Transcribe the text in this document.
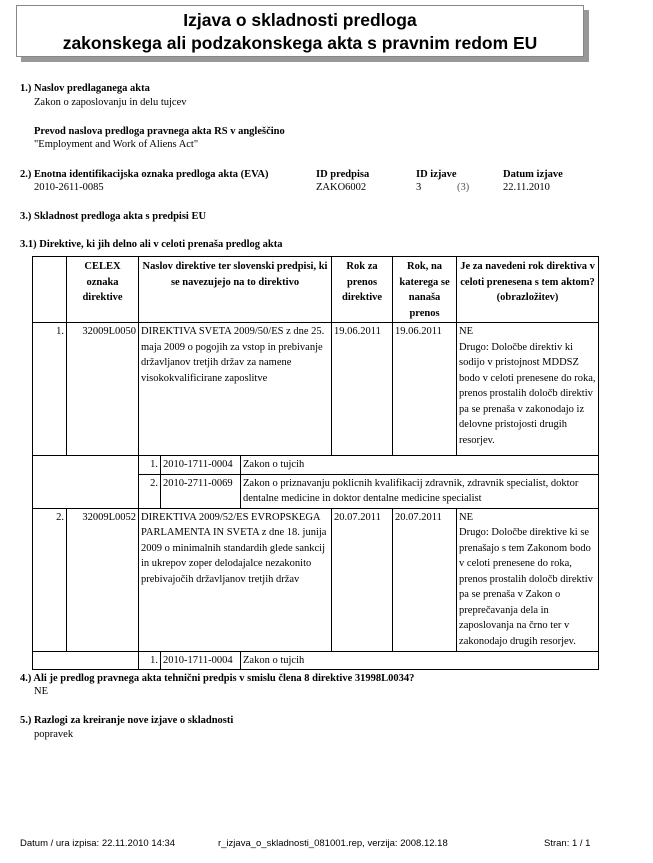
Izjava o skladnosti predloga
zakonskega ali podzakonskega akta s pravnim redom EU
1.) Naslov predlaganega akta
Zakon o zaposlovanju in delu tujcev
Prevod naslova predloga pravnega akta RS v angleščino
"Employment and Work of Aliens Act"
2.) Enotna identifikacijska oznaka predloga akta (EVA)
2010-2611-0085
ID predpisa
ZAKO6002
ID izjave
3	(3)
Datum izjave
22.11.2010
3.) Skladnost predloga akta s predpisi EU
3.1) Direktive, ki jih delno ali v celoti prenaša predlog akta
	CELEX oznaka direktive	Naslov direktive ter slovenski predpisi, ki se navezujejo na to direktivo			Rok za prenos direktive	Rok, na katerega se nanaša prenos	Je za navedeni rok direktiva v celoti prenesena s tem aktom? (obrazložitev)
1.	32009L0050	DIREKTIVA SVETA 2009/50/ES z dne 25. maja 2009 o pogojih za vstop in prebivanje državljanov tretjih držav za namene visokokvalificirane zaposlitve			19.06.2011	19.06.2011	NE
Drugo: Določbe direktiv ki sodijo v pristojnost MDDSZ bodo v celoti prenesene do roka, prenos prostalih določb direktiv pa se prenaša v zakonodajo iz delovne pristojosti drugih resorjev.

		1.	2010-1711-0004	Zakon o tujcih			
		2.	2010-2711-0069	Zakon o priznavanju poklicnih kvalifikacij zdravnik, zdravnik specialist, doktor dentalne medicine in doktor dentalne medicine specialist			
2.	32009L0052	DIREKTIVA 2009/52/ES EVROPSKEGA PARLAMENTA IN SVETA z dne 18. junija 2009 o minimalnih standardih glede sankcij in ukrepov zoper delodajalce nezakonito prebivajočih državljanov tretjih držav			20.07.2011	20.07.2011	NE
Drugo: Določbe direktive ki se prenašajo s tem Zakonom bodo v celoti prenesene do roka, prenos prostalih določb direktiv pa se prenaša v Zakon o preprečavanja dela in zaposlovanja na črno ter v zakonodajo drugih resorjev.

		1.	2010-1711-0004	Zakon o tujcih			
4.) Ali je predlog pravnega akta tehnični predpis v smislu člena 8 direktive 31998L0034?
NE
5.) Razlogi za kreiranje nove izjave o skladnosti
popravek
Datum / ura izpisa: 22.11.2010 14:34	r_izjava_o_skladnosti_081001.rep, verzija: 2008.12.18	Stran: 1 / 1
